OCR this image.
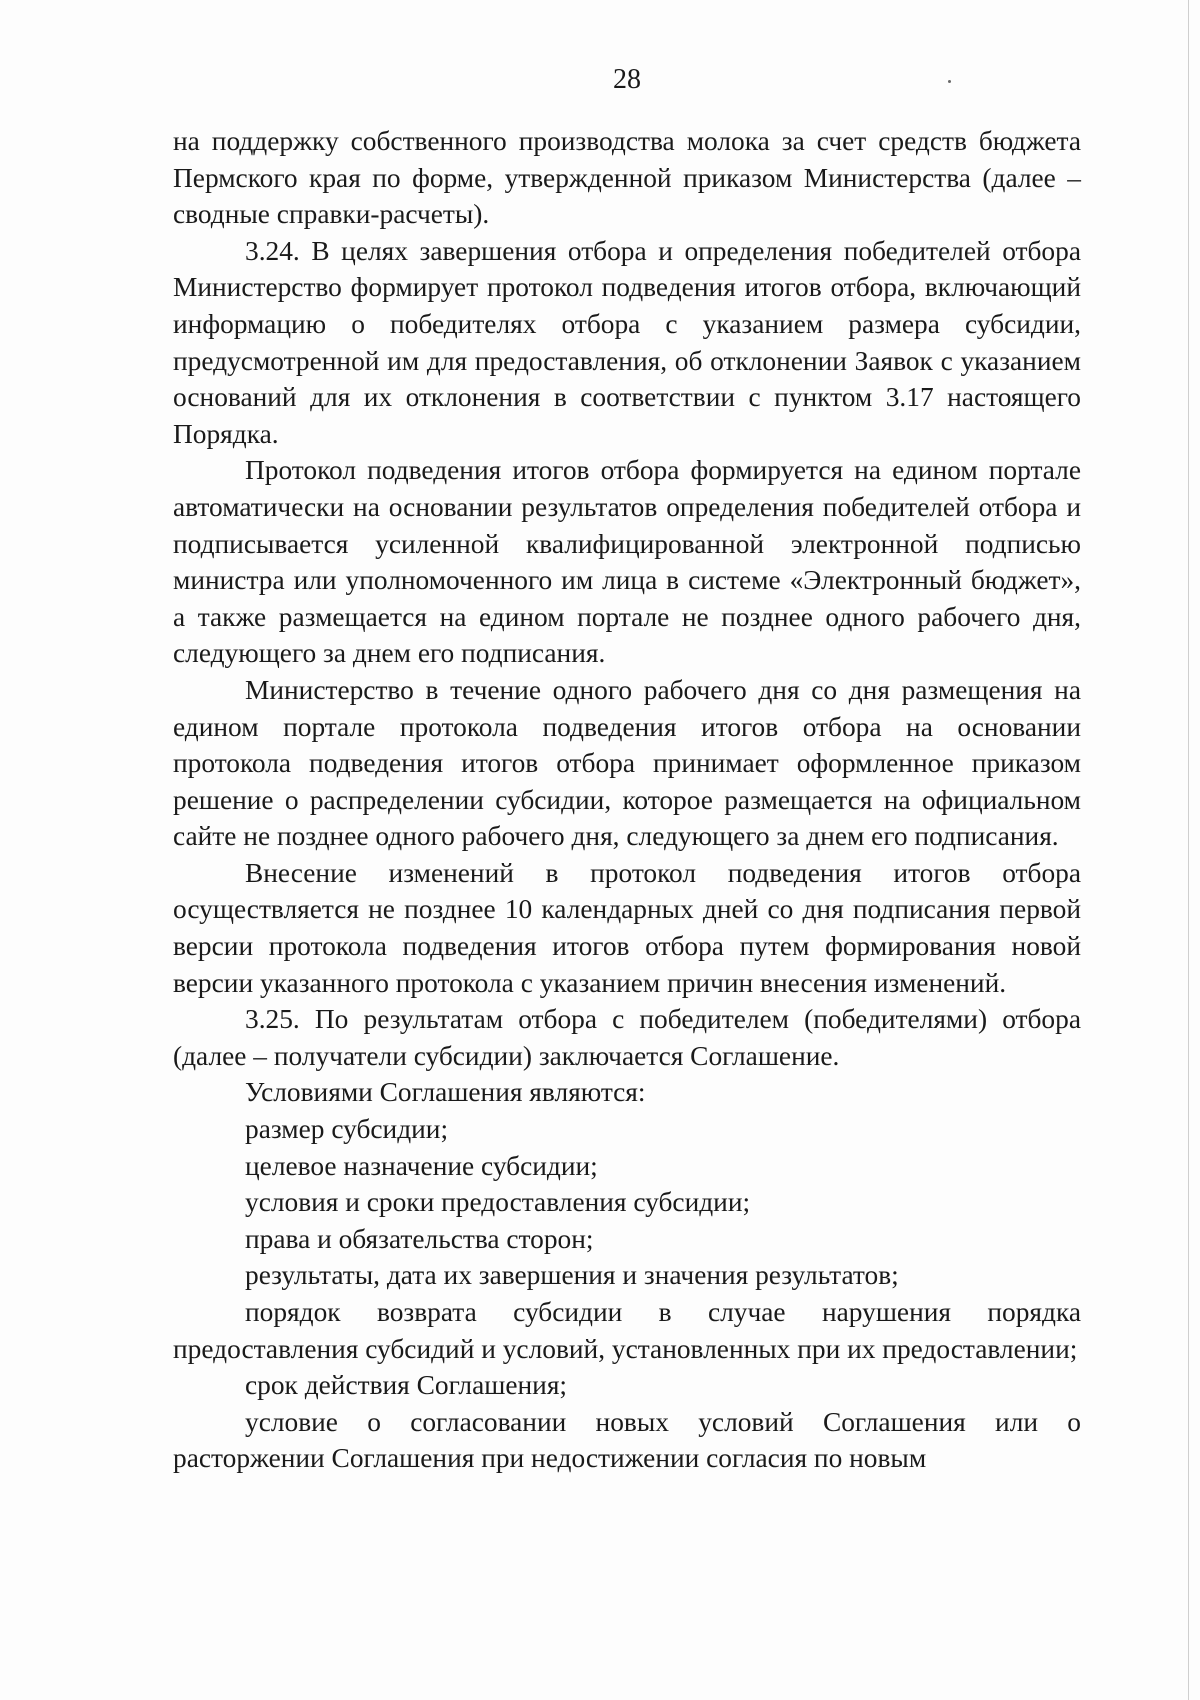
28

на поддержку собственного производства молока за счет средств бюджета Пермского края по форме, утвержденной приказом Министерства (далее – сводные справки-расчеты).

3.24. В целях завершения отбора и определения победителей отбора Министерство формирует протокол подведения итогов отбора, включающий информацию о победителях отбора с указанием размера субсидии, предусмотренной им для предоставления, об отклонении Заявок с указанием оснований для их отклонения в соответствии с пунктом 3.17 настоящего Порядка.

Протокол подведения итогов отбора формируется на едином портале автоматически на основании результатов определения победителей отбора и подписывается усиленной квалифицированной электронной подписью министра или уполномоченного им лица в системе «Электронный бюджет», а также размещается на едином портале не позднее одного рабочего дня, следующего за днем его подписания.

Министерство в течение одного рабочего дня со дня размещения на едином портале протокола подведения итогов отбора на основании протокола подведения итогов отбора принимает оформленное приказом решение о распределении субсидии, которое размещается на официальном сайте не позднее одного рабочего дня, следующего за днем его подписания.

Внесение изменений в протокол подведения итогов отбора осуществляется не позднее 10 календарных дней со дня подписания первой версии протокола подведения итогов отбора путем формирования новой версии указанного протокола с указанием причин внесения изменений.

3.25. По результатам отбора с победителем (победителями) отбора (далее – получатели субсидии) заключается Соглашение.

Условиями Соглашения являются:

размер субсидии;

целевое назначение субсидии;

условия и сроки предоставления субсидии;

права и обязательства сторон;

результаты, дата их завершения и значения результатов;

порядок возврата субсидии в случае нарушения порядка предоставления субсидий и условий, установленных при их предоставлении;

срок действия Соглашения;

условие о согласовании новых условий Соглашения или о расторжении Соглашения при недостижении согласия по новым
